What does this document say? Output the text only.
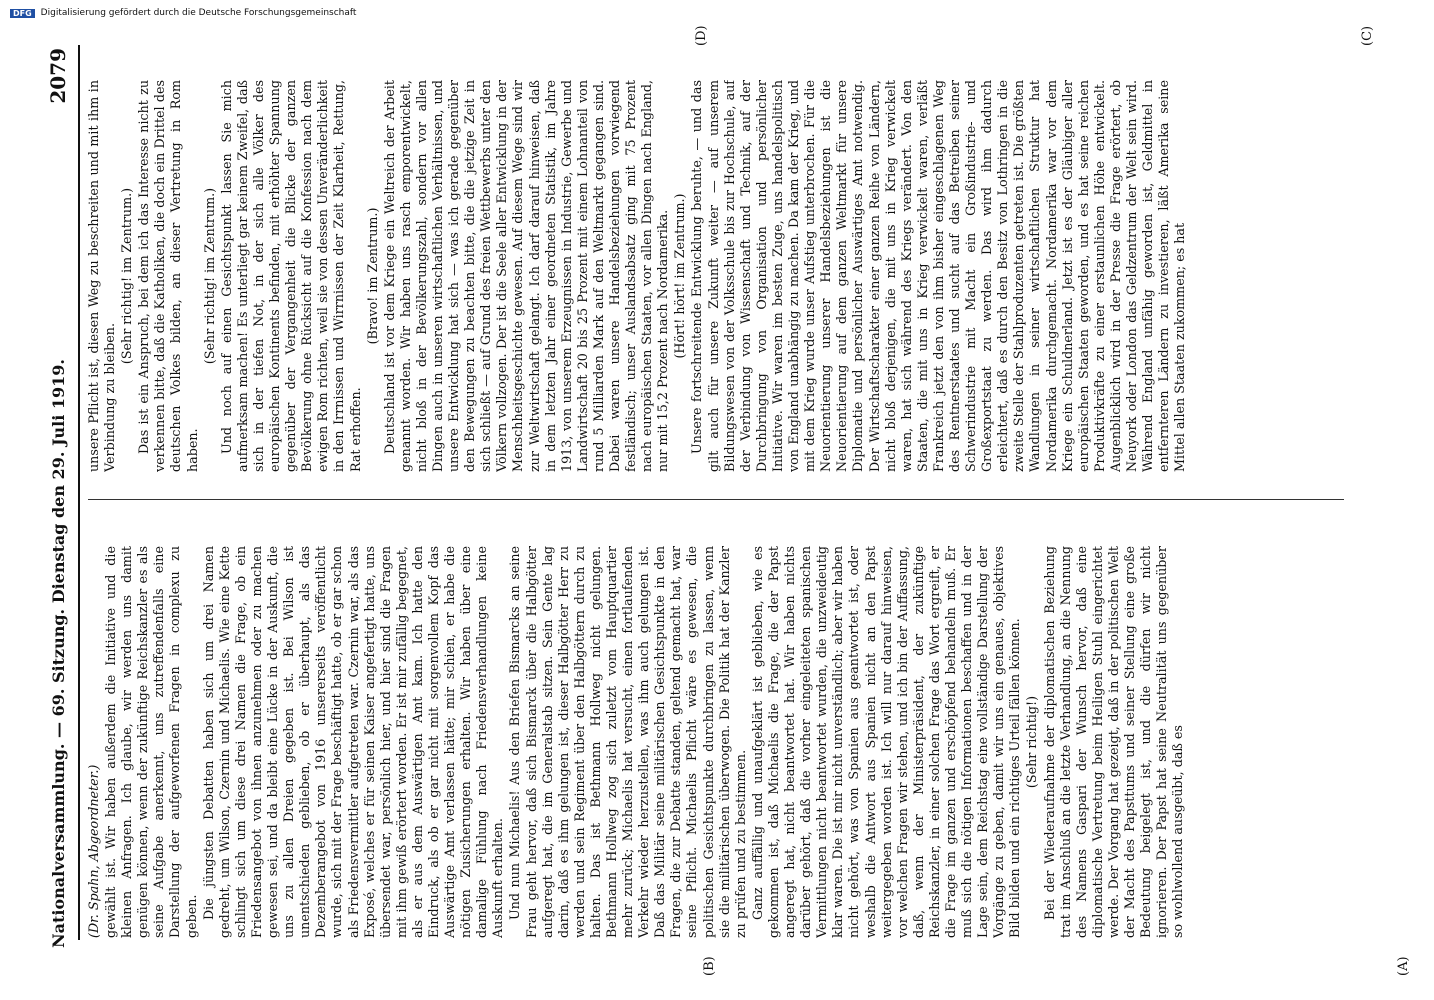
Nationalversammlung. — 69. Sitzung. Dienstag den 29. Juli 1919.
2079

(Dr. Spahn, Abgeordneter.) gewählt ist. Wir haben außerdem die Initiative und die kleinen Anfragen. Ich glaube, wir werden uns damit genügen können, wenn der zukünftige Reichskanzler es als seine Aufgabe anerkennt, uns zutreffendenfalls eine Darstellung der aufgeworfenen Fragen in complexu zu geben. Die jüngsten Debatten haben sich um drei Namen gedreht, um Wilson, Czernin und Michaelis. Wie eine Kette schlingt sich um diese drei Namen die Frage, ob ein Friedensangebot von ihnen anzunehmen oder zu machen gewesen sei, und da bleibt eine Lücke in der Auskunft, die uns zu allen Dreien gegeben ist. Bei Wilson ist unentschieden geblieben, ob er überhaupt, als das Dezemberangebot von 1916 unsererseits veröffentlicht wurde, sich mit der Frage beschäftigt hatte, ob er gar schon als Friedensvermittler aufgetreten war. Czernin war, als das Exposé, welches er für seinen Kaiser angefertigt hatte, uns übersendet war, persönlich hier, und hier sind die Fragen mit ihm gewiß erörtert worden. Er ist mir zufällig begegnet, als er aus dem Auswärtigen Amt kam. Ich hatte den Eindruck, als ob er gar nicht mit sorgenvollem Kopf das Auswärtige Amt verlassen hätte; mir schien, er habe die nötigen Zusicherungen erhalten. Wir haben über eine damalige Fühlung nach Friedensverhandlungen keine Auskunft erhalten. Und nun Michaelis! Aus den Briefen Bismarcks an seine Frau geht hervor, daß sich Bismarck über die Halbgötter aufgeregt hat, die im Generalstab sitzen. Sein Gente lag darin, daß es ihm gelungen ist, dieser Halbgötter Herr zu werden und sein Regiment über den Halbgöttern durch zu halten. Das ist Bethmann Hollweg nicht gelungen. Bethmann Hollweg zog sich zuletzt vom Hauptquartier mehr zurück; Michaelis hat versucht, einen fortlaufenden Verkehr wieder herzustellen, was ihm auch gelungen ist. Daß das Militär seine militärischen Gesichtspunkte in den Fragen, die zur Debatte standen, geltend gemacht hat, war seine Pflicht. Michaelis Pflicht wäre es gewesen, die politischen Gesichtspunkte durchbringen zu lassen, wenn sie die militärischen überwogen. Die Politik hat der Kanzler zu prüfen und zu bestimmen. Ganz auffällig und unaufgeklärt ist geblieben, wie es gekommen ist, daß Michaelis die Frage, die der Papst angeregt hat, nicht beantwortet hat. Wir haben nichts darüber gehört, daß die vorher eingeleiteten spanischen Vermittlungen nicht beantwortet wurden, die unzweideutig klar waren. Die ist mir nicht unverständlich; aber wir haben nicht gehört, was von Spanien aus geantwortet ist, oder weshalb die Antwort aus Spanien nicht an den Papst weitergegeben worden ist. Ich will nur darauf hinweisen, vor welchen Fragen wir stehen, und ich bin der Auffassung, daß, wenn der Ministerpräsident, der zukünftige Reichskanzler, in einer solchen Frage das Wort ergreift, er die Frage im ganzen und erschöpfend behandeln muß. Er muß sich die nötigen Informationen beschaffen und in der Lage sein, dem Reichstag eine vollständige Darstellung der Vorgänge zu geben, damit wir uns ein genaues, objektives Bild bilden und ein richtiges Urteil fällen können. (Sehr richtig!) Bei der Wiederaufnahme der diplomatischen Beziehung trat im Anschluß an die letzte Verhandlung, an die Nennung des Namens Gaspari der Wunsch hervor, daß eine diplomatische Vertretung beim Heiligen Stuhl eingerichtet werde. Der Vorgang hat gezeigt, daß in der politischen Welt der Macht des Papsttums und seiner Stellung eine große Bedeutung beigelegt ist, und die dürfen wir nicht ignorieren. Der Papst hat seine Neutralität uns gegenüber so wohlwollend ausgeübt, daß es

unsere Pflicht ist, diesen Weg zu beschreiten und mit ihm in Verbindung zu bleiben.

(Sehr richtig! im Zentrum.) Das ist ein Anspruch, bei dem ich das Interesse nicht zu verkennen bitte, daß die Katholiken, die doch ein Drittel des deutschen Volkes bilden, an dieser Vertretung in Rom haben.

(Sehr richtig! im Zentrum.) Und noch auf einen Gesichtspunkt lassen Sie mich aufmerksam machen! Es unterliegt gar keinem Zweifel, daß sich in der tiefen Not, in der sich alle Völker des europäischen Kontinents befinden, mit erhöhter Spannung gegenüber der Vergangenheit die Blicke der ganzen Bevölkerung ohne Rücksicht auf die Konfession nach dem ewigen Rom richten, weil sie von dessen Unveränderlichkeit in den Irrnissen und Wirrnissen der Zeit Klarheit, Rettung, Rat erhoffen.

(Bravo! im Zentrum.) Deutschland ist vor dem Kriege ein Weltreich der Arbeit genannt worden. Wir haben uns rasch emporentwickelt, nicht bloß in der Bevölkerungszahl, sondern vor allen Dingen auch in unseren wirtschaftlichen Verhältnissen, und unsere Entwicklung hat sich — was ich gerade gegenüber den Bewegungen zu beachten bitte, die die jetzige Zeit in sich schließt — auf Grund des freien Wettbewerbs unter den Völkern vollzogen. Der ist die Seele aller Entwicklung in der Menschheitsgeschichte gewesen. Auf diesem Wege sind wir zur Weltwirtschaft gelangt. Ich darf darauf hinweisen, daß in dem letzten Jahr einer geordneten Statistik, im Jahre 1913, von unserem Erzeugnissen in Industrie, Gewerbe und Landwirtschaft 20 bis 25 Prozent mit einem Lohnanteil von rund 5 Milliarden Mark auf den Weltmarkt gegangen sind. Dabei waren unsere Handelsbeziehungen vorwiegend festländisch; unser Auslandsabsatz ging mit 75 Prozent nach europäischen Staaten, vor allen Dingen nach England, nur mit 15,2 Prozent nach Nordamerika. (Hört! hört! im Zentrum.) Unsere fortschreitende Entwicklung beruhte, — und das gilt auch für unsere Zukunft weiter — auf unserem Bildungswesen von der Volksschule bis zur Hochschule, auf der Verbindung von Wissenschaft und Technik, auf der Durchbringung von Organisation und persönlicher Initiative. Wir waren im besten Zuge, uns handelspolitisch von England unabhängig zu machen. Da kam der Krieg, und mit dem Krieg wurde unser Aufstieg unterbrochen. Für die Neuorientierung unserer Handelsbeziehungen ist die Neuorientierung auf dem ganzen Weltmarkt für unsere Diplomatie und persönlicher Auswärtiges Amt notwendig. Der Wirtschaftscharakter einer ganzen Reihe von Ländern, nicht bloß derjenigen, die mit uns in Krieg verwickelt waren, hat sich während des Kriegs verändert. Von den Staaten, die mit uns in Krieg verwickelt waren, verläßt Frankreich jetzt den von ihm bisher eingeschlagenen Weg des Rentnerstaates und sucht auf das Betreiben seiner Schwerindustrie mit Macht ein Großindustrie- und Großexportstaat zu werden. Das wird ihm dadurch erleichtert, daß es durch den Besitz von Lothringen in die zweite Stelle der Stahlproduzenten getreten ist. Die größten Wandlungen in seiner wirtschaftlichen Struktur hat Nordamerika durchgemacht. Nordamerika war vor dem Kriege ein Schuldnerland. Jetzt ist es der Gläubiger aller europäischen Staaten geworden, und es hat seine reichen Produktivkräfte zu einer erstaunlichen Höhe entwickelt. Augenblicklich wird in der Presse die Frage erörtert, ob Neuyork oder London das Geldzentrum der Welt sein wird. Während England unfähig geworden ist, Geldmittel in entfernteren Ländern zu investieren, läßt Amerika seine Mittel allen Staaten zukommen; es hat

(A)
(B)
(C)
(D)
DFG	Digitalisierung gefördert durch die Deutsche Forschungsgemeinschaft
